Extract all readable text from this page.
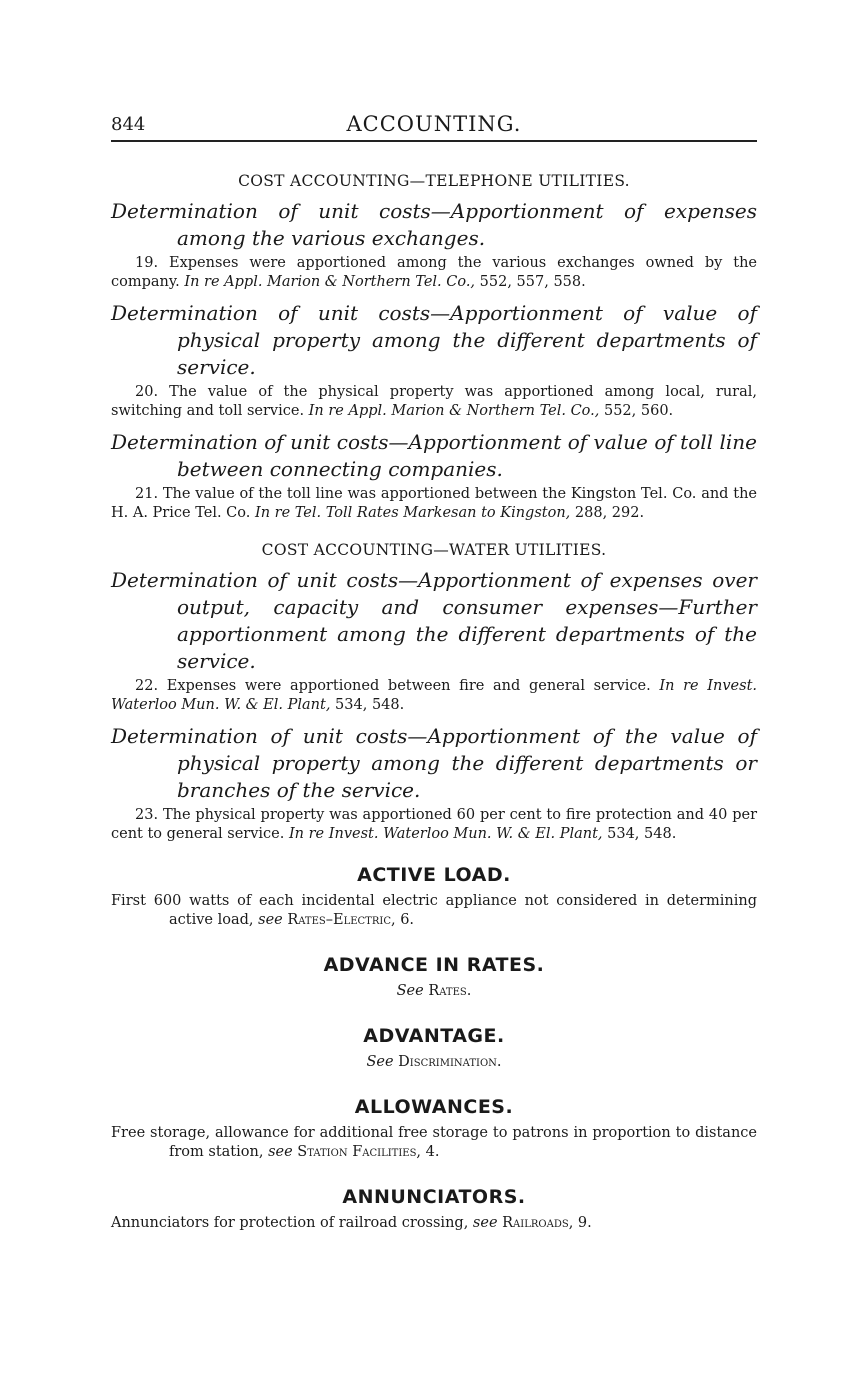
844	ACCOUNTING.
COST ACCOUNTING—TELEPHONE UTILITIES.
Determination of unit costs—Apportionment of expenses among the various exchanges.

19. Expenses were apportioned among the various exchanges owned by the company. In re Appl. Marion & Northern Tel. Co., 552, 557, 558.

Determination of unit costs—Apportionment of value of physical property among the different departments of service.

20. The value of the physical property was apportioned among local, rural, switching and toll service. In re Appl. Marion & Northern Tel. Co., 552, 560.

Determination of unit costs—Apportionment of value of toll line between connecting companies.

21. The value of the toll line was apportioned between the Kingston Tel. Co. and the H. A. Price Tel. Co. In re Tel. Toll Rates Markesan to Kingston, 288, 292.

COST ACCOUNTING—WATER UTILITIES.
Determination of unit costs—Apportionment of expenses over output, capacity and consumer expenses—Further apportionment among the different departments of the service.

22. Expenses were apportioned between fire and general service. In re Invest. Waterloo Mun. W. & El. Plant, 534, 548.

Determination of unit costs—Apportionment of the value of physical property among the different departments or branches of the service.

23. The physical property was apportioned 60 per cent to fire protection and 40 per cent to general service. In re Invest. Waterloo Mun. W. & El. Plant, 534, 548.

ACTIVE LOAD.

First 600 watts of each incidental electric appliance not considered in determining active load, see Rates–Electric, 6.

ADVANCE IN RATES.

See Rates.

ADVANTAGE.

See Discrimination.

ALLOWANCES.

Free storage, allowance for additional free storage to patrons in proportion to distance from station, see Station Facilities, 4.

ANNUNCIATORS.

Annunciators for protection of railroad crossing, see Railroads, 9.
